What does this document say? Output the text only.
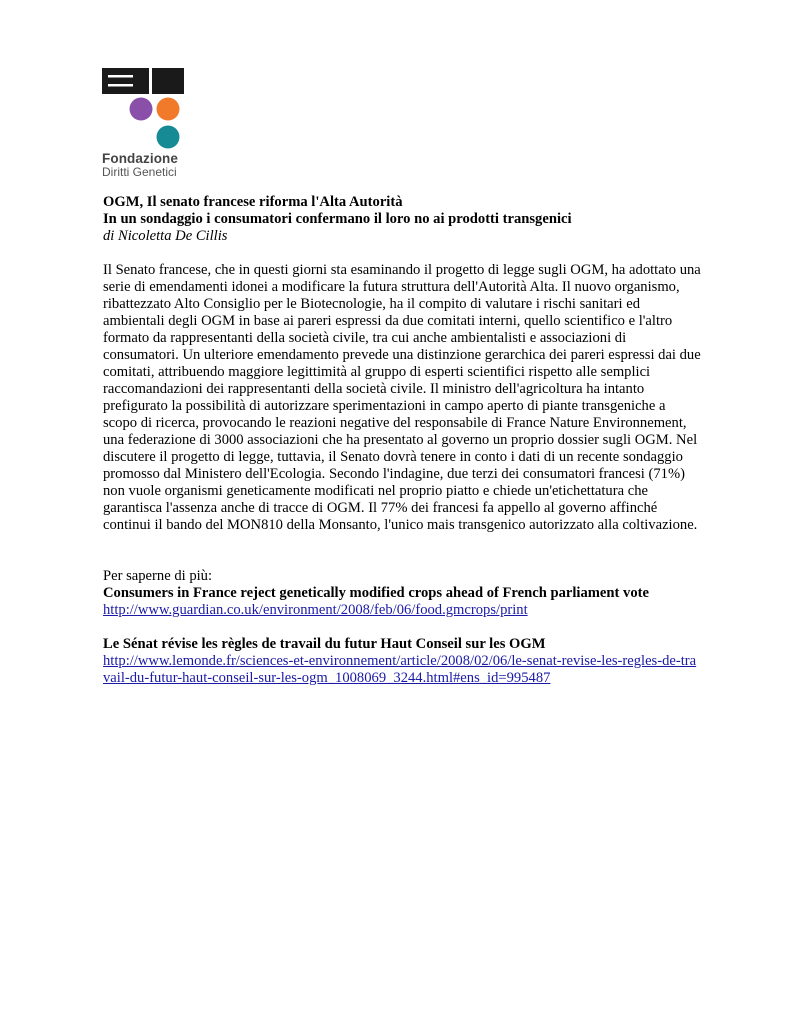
Fondazione
Diritti Genetici

OGM, Il senato francese riforma l'Alta Autorità

In un sondaggio i consumatori confermano il loro no ai prodotti transgenici

di Nicoletta De Cillis

Il Senato francese, che in questi giorni sta esaminando il progetto di legge sugli OGM, ha adottato una serie di emendamenti idonei a modificare la futura struttura dell'Autorità Alta. Il nuovo organismo, ribattezzato Alto Consiglio per le Biotecnologie, ha il compito di valutare i rischi sanitari ed ambientali degli OGM in base ai pareri espressi da due comitati interni, quello scientifico e l'altro formato da rappresentanti della società civile, tra cui anche ambientalisti e associazioni di consumatori. Un ulteriore emendamento prevede una distinzione gerarchica dei pareri espressi dai due comitati, attribuendo maggiore legittimità al gruppo di esperti scientifici rispetto alle semplici raccomandazioni dei rappresentanti della società civile. Il ministro dell'agricoltura ha intanto prefigurato la possibilità di autorizzare sperimentazioni in campo aperto di piante transgeniche a scopo di ricerca, provocando le reazioni negative del responsabile di France Nature Environnement, una federazione di 3000 associazioni che ha presentato al governo un proprio dossier sugli OGM. Nel discutere il progetto di legge, tuttavia, il Senato dovrà tenere in conto i dati di un recente sondaggio promosso dal Ministero dell'Ecologia. Secondo l'indagine, due terzi dei consumatori francesi (71%) non vuole organismi geneticamente modificati nel proprio piatto e chiede un'etichettatura che garantisca l'assenza anche di tracce di OGM. Il 77% dei francesi fa appello al governo affinché continui il bando del MON810 della Monsanto, l'unico mais transgenico autorizzato alla coltivazione.

Per saperne di più:

Consumers in France reject genetically modified crops ahead of French parliament vote

http://www.guardian.co.uk/environment/2008/feb/06/food.gmcrops/print

Le Sénat révise les règles de travail du futur Haut Conseil sur les OGM

http://www.lemonde.fr/sciences-et-environnement/article/2008/02/06/le-senat-revise-les-regles-de-travail-du-futur-haut-conseil-sur-les-ogm_1008069_3244.html#ens_id=995487
